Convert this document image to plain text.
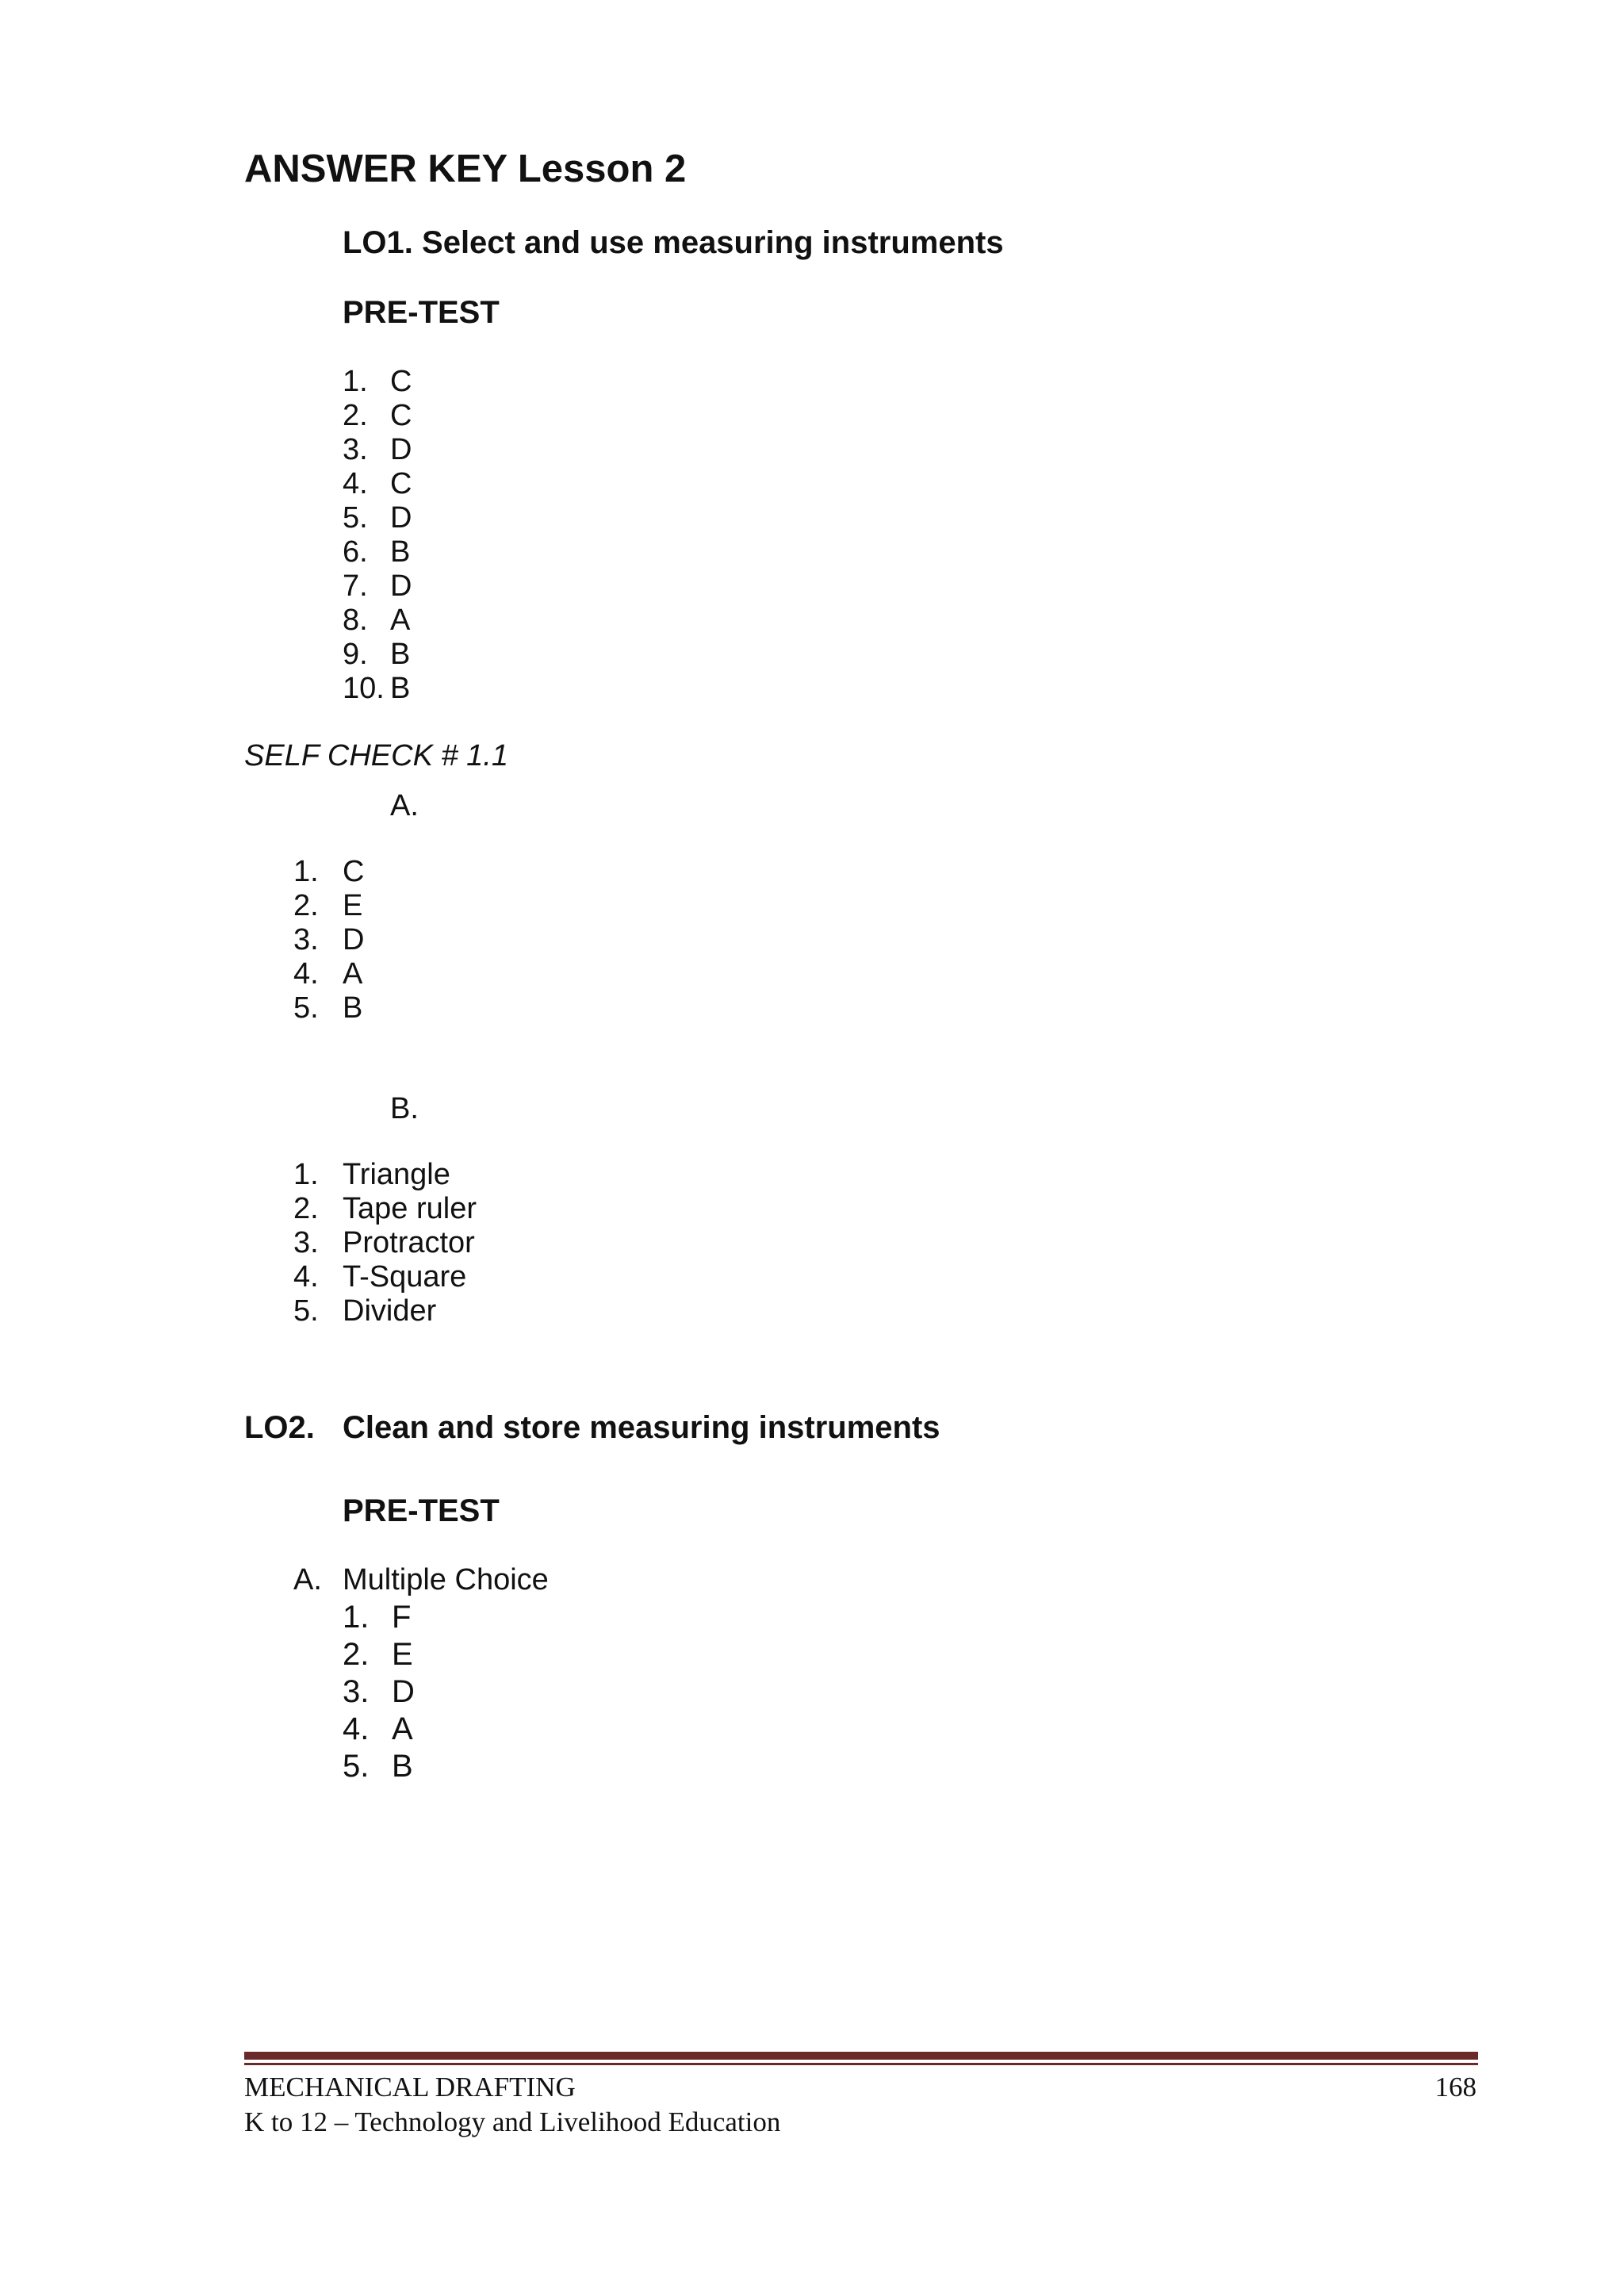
ANSWER KEY Lesson 2
LO1. Select and use measuring instruments
PRE-TEST
1. C
2. C
3. D
4. C
5. D
6. B
7. D
8. A
9. B
10. B
SELF CHECK # 1.1
A.
1. C
2. E
3. D
4. A
5. B
B.
1. Triangle
2. Tape ruler
3. Protractor
4. T-Square
5. Divider
LO2. Clean and store measuring instruments
PRE-TEST
A. Multiple Choice
1. F
2. E
3. D
4. A
5. B
MECHANICAL DRAFTING
K to 12 – Technology and Livelihood Education
168
